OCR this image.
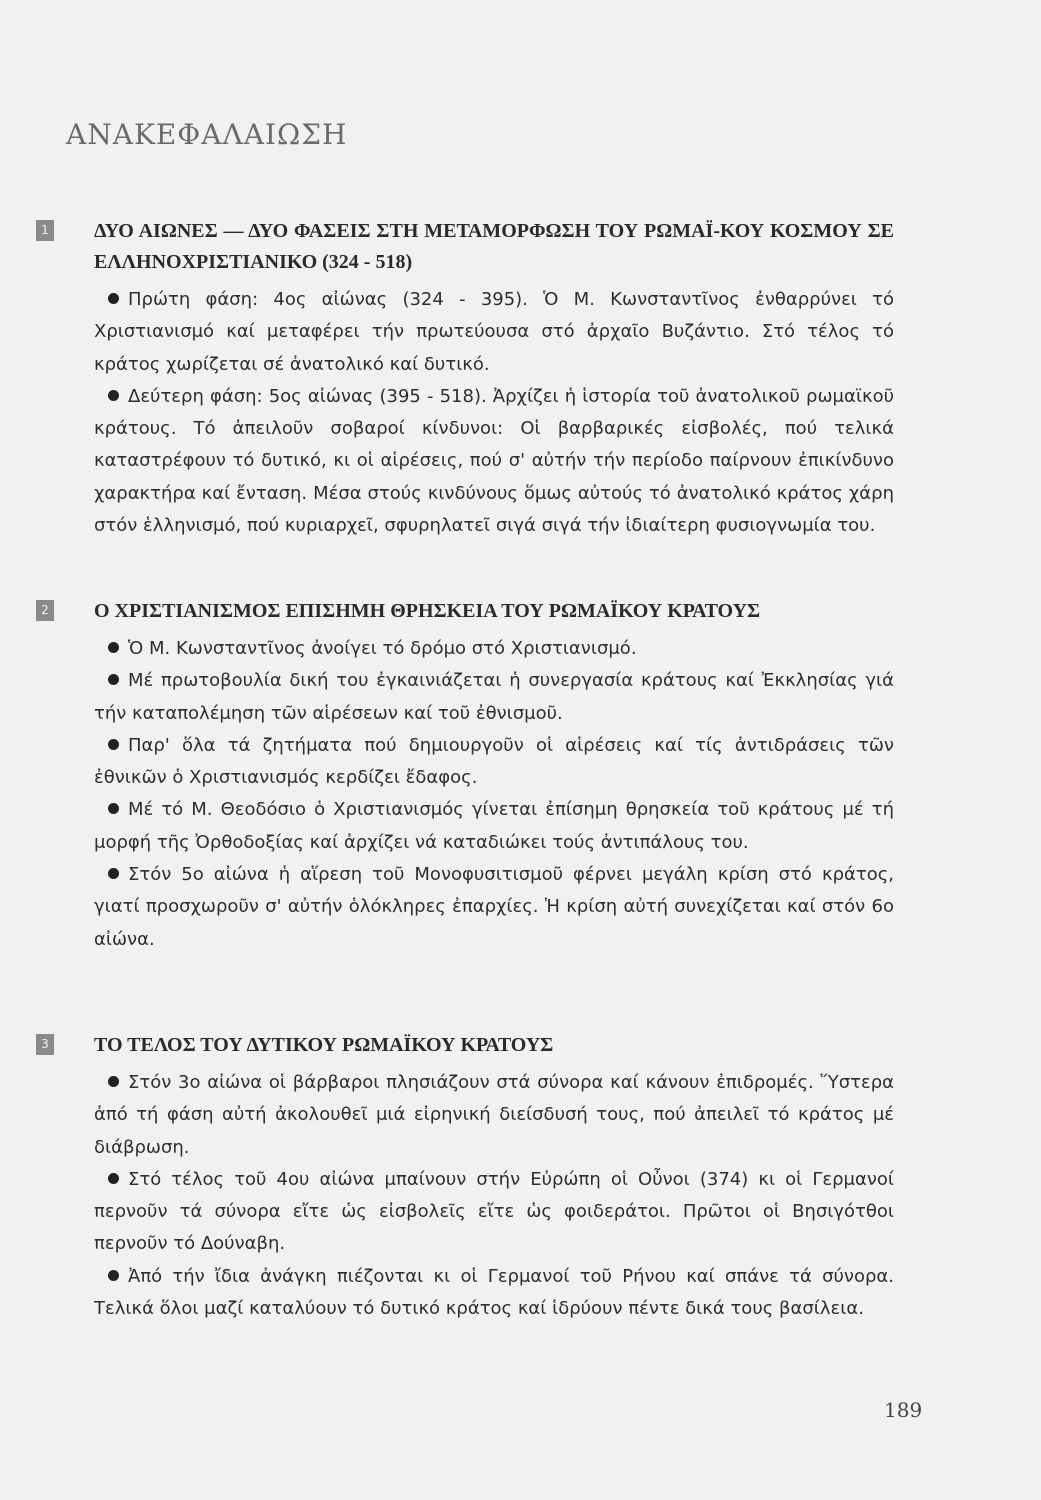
ΑΝΑΚΕΦΑΛΑΙΩΣΗ
1 ΔΥΟ ΑΙΩΝΕΣ — ΔΥΟ ΦΑΣΕΙΣ ΣΤΗ ΜΕΤΑΜΟΡΦΩΣΗ ΤΟΥ ΡΩΜΑΪ-ΚΟΥ ΚΟΣΜΟΥ ΣΕ ΕΛΛΗΝΟΧΡΙΣΤΙΑΝΙΚΟ (324 - 518)

Πρώτη φάση: 4ος αἰώνας (324 - 395). Ὁ Μ. Κωνσταντῖνος ἐνθαρρύνει τό Χριστιανισμό καί μεταφέρει τήν πρωτεύουσα στό ἀρχαῖο Βυζάντιο. Στό τέλος τό κράτος χωρίζεται σέ ἀνατολικό καί δυτικό.

Δεύτερη φάση: 5ος αἰώνας (395 - 518). Ἀρχίζει ἡ ἱστορία τοῦ ἀνατολικοῦ ρωμαϊκοῦ κράτους. Τό ἀπειλοῦν σοβαροί κίνδυνοι: Οἱ βαρβαρικές εἰσβολές, πού τελικά καταστρέφουν τό δυτικό, κι οἱ αἱρέσεις, πού σ' αὐτήν τήν περίοδο παίρνουν ἐπικίνδυνο χαρακτήρα καί ἔνταση. Μέσα στούς κινδύνους ὅμως αὐτούς τό ἀνατολικό κράτος χάρη στόν ἑλληνισμό, πού κυριαρχεῖ, σφυρηλατεῖ σιγά σιγά τήν ἰδιαίτερη φυσιογνωμία του.

2 Ο ΧΡΙΣΤΙΑΝΙΣΜΟΣ ΕΠΙΣΗΜΗ ΘΡΗΣΚΕΙΑ ΤΟΥ ΡΩΜΑΪΚΟΥ ΚΡΑΤΟΥΣ

Ὁ Μ. Κωνσταντῖνος ἀνοίγει τό δρόμο στό Χριστιανισμό.

Μέ πρωτοβουλία δική του ἐγκαινιάζεται ἡ συνεργασία κράτους καί Ἐκκλησίας γιά τήν καταπολέμηση τῶν αἱρέσεων καί τοῦ ἐθνισμοῦ.

Παρ' ὅλα τά ζητήματα πού δημιουργοῦν οἱ αἱρέσεις καί τίς ἀντιδράσεις τῶν ἐθνικῶν ὁ Χριστιανισμός κερδίζει ἔδαφος.

Μέ τό Μ. Θεοδόσιο ὁ Χριστιανισμός γίνεται ἐπίσημη θρησκεία τοῦ κράτους μέ τή μορφή τῆς Ὀρθοδοξίας καί ἀρχίζει νά καταδιώκει τούς ἀντιπάλους του.

Στόν 5ο αἰώνα ἡ αἵρεση τοῦ Μονοφυσιτισμοῦ φέρνει μεγάλη κρίση στό κράτος, γιατί προσχωροῦν σ' αὐτήν ὁλόκληρες ἐπαρχίες. Ἡ κρίση αὐτή συνεχίζεται καί στόν 6ο αἰώνα.

3 ΤΟ ΤΕΛΟΣ ΤΟΥ ΔΥΤΙΚΟΥ ΡΩΜΑΪΚΟΥ ΚΡΑΤΟΥΣ

Στόν 3ο αἰώνα οἱ βάρβαροι πλησιάζουν στά σύνορα καί κάνουν ἐπιδρομές. Ὕστερα ἀπό τή φάση αὐτή ἀκολουθεῖ μιά εἰρηνική διείσδυσή τους, πού ἀπειλεῖ τό κράτος μέ διάβρωση.

Στό τέλος τοῦ 4ου αἰώνα μπαίνουν στήν Εὐρώπη οἱ Οὖνοι (374) κι οἱ Γερμανοί περνοῦν τά σύνορα εἴτε ὡς εἰσβολεῖς εἴτε ὡς φοιδεράτοι. Πρῶτοι οἱ Βησιγότθοι περνοῦν τό Δούναβη.

Ἀπό τήν ἴδια ἀνάγκη πιέζονται κι οἱ Γερμανοί τοῦ Ρήνου καί σπάνε τά σύνορα. Τελικά ὅλοι μαζί καταλύουν τό δυτικό κράτος καί ἱδρύουν πέντε δικά τους βασίλεια.

189
